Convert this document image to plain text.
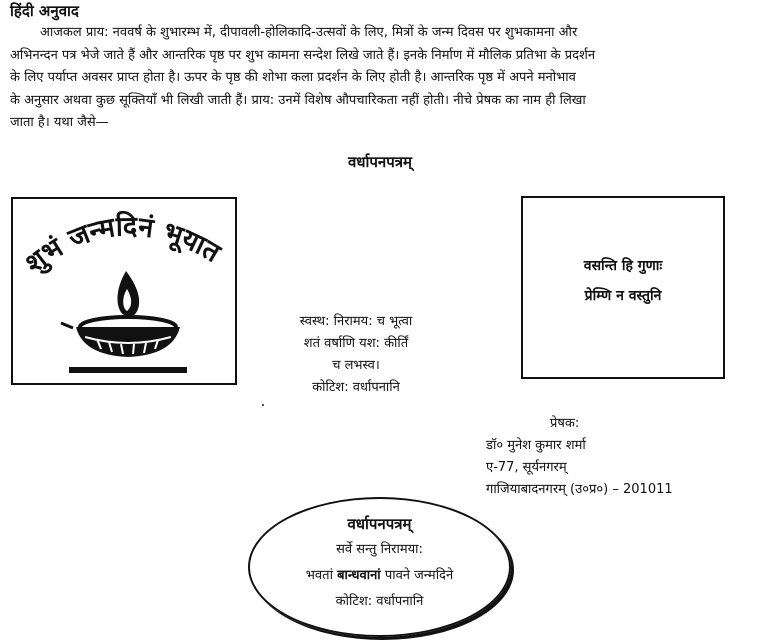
हिंदी अनुवाद

आजकल प्राय: नववर्ष के शुभारम्भ में, दीपावली-होलिकादि-उत्सवों के लिए, मित्रों के जन्म दिवस पर शुभकामना और

अभिनन्दन पत्र भेजे जाते हैं और आन्तरिक पृष्ठ पर शुभ कामना सन्देश लिखे जाते हैं। इनके निर्माण में मौलिक प्रतिभा के प्रदर्शन

के लिए पर्याप्त अवसर प्राप्त होता है। ऊपर के पृष्ठ की शोभा कला प्रदर्शन के लिए होती है। आन्तरिक पृष्ठ में अपने मनोभाव

के अनुसार अथवा कुछ सूक्तियाँ भी लिखी जाती हैं। प्राय: उनमें विशेष औपचारिकता नहीं होती। नीचे प्रेषक का नाम ही लिखा

जाता है। यथा जैसे—

वर्धापनपत्रम्
शुभं जन्मदिनं भूयात	वसन्ति हि गुणाः
प्रेम्णि न वस्तुनि
स्वस्थ: निरामय: च भूत्वा
शतं वर्षाणि यश: कीर्तिं
च लभस्व।
कोटिश: वर्धापनानि
प्रेषक:
डॉ० मुनेश कुमार शर्मा
ए-77, सूर्यनगरम्
गाजियाबादनगरम् (उ०प्र०) – 201011
वर्धापनपत्रम्
सर्वे सन्तु निरामया:
भवतां बान्धवानां पावने जन्मदिने
कोटिश: वर्धापनानि
